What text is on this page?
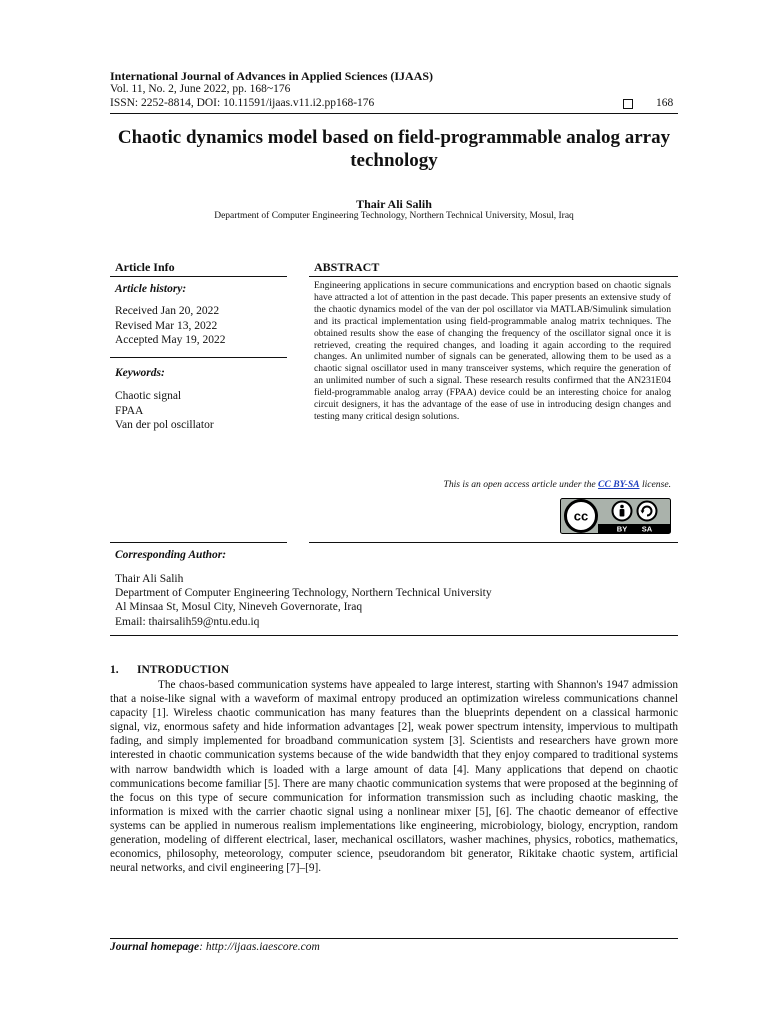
International Journal of Advances in Applied Sciences (IJAAS)
Vol. 11, No. 2, June 2022, pp. 168~176
ISSN: 2252-8814, DOI: 10.11591/ijaas.v11.i2.pp168-176	168
Chaotic dynamics model based on field-programmable analog array technology
Thair Ali Salih
Department of Computer Engineering Technology, Northern Technical University, Mosul, Iraq
Article Info	ABSTRACT
Article history:
Received Jan 20, 2022
Revised Mar 13, 2022
Accepted May 19, 2022
Keywords:
Chaotic signal
FPAA
Van der pol oscillator
Engineering applications in secure communications and encryption based on chaotic signals have attracted a lot of attention in the past decade. This paper presents an extensive study of the chaotic dynamics model of the van der pol oscillator via MATLAB/Simulink simulation and its practical implementation using field-programmable analog matrix techniques. The obtained results show the ease of changing the frequency of the oscillator signal once it is retrieved, creating the required changes, and loading it again according to the required changes. An unlimited number of signals can be generated, allowing them to be used as a chaotic signal oscillator used in many transceiver systems, which require the generation of an unlimited number of such a signal. These research results confirmed that the AN231E04 field-programmable analog array (FPAA) device could be an interesting choice for analog circuit designers, it has the advantage of the ease of use in introducing design changes and testing many critical design solutions.
This is an open access article under the CC BY-SA license.
cc
BY SA
Corresponding Author:
Thair Ali Salih
Department of Computer Engineering Technology, Northern Technical University
Al Minsaa St, Mosul City, Nineveh Governorate, Iraq
Email: thairsalih59@ntu.edu.iq
1. INTRODUCTION
The chaos-based communication systems have appealed to large interest, starting with Shannon's 1947 admission that a noise-like signal with a waveform of maximal entropy produced an optimization wireless communications channel capacity [1]. Wireless chaotic communication has many features than the blueprints dependent on a classical harmonic signal, viz, enormous safety and hide information advantages [2], weak power spectrum intensity, impervious to multipath fading, and simply implemented for broadband communication system [3]. Scientists and researchers have grown more interested in chaotic communication systems because of the wide bandwidth that they enjoy compared to traditional systems with narrow bandwidth which is loaded with a large amount of data [4]. Many applications that depend on chaotic communications become familiar [5]. There are many chaotic communication systems that were proposed at the beginning of the focus on this type of secure communication for information transmission such as including chaotic masking, the information is mixed with the carrier chaotic signal using a nonlinear mixer [5], [6]. The chaotic demeanor of effective systems can be applied in numerous realism implementations like engineering, microbiology, biology, encryption, random generation, modeling of different electrical, laser, mechanical oscillators, washer machines, physics, robotics, mathematics, economics, philosophy, meteorology, computer science, pseudorandom bit generator, Rikitake chaotic system, artificial neural networks, and civil engineering [7]–[9].
Journal homepage: http://ijaas.iaescore.com
